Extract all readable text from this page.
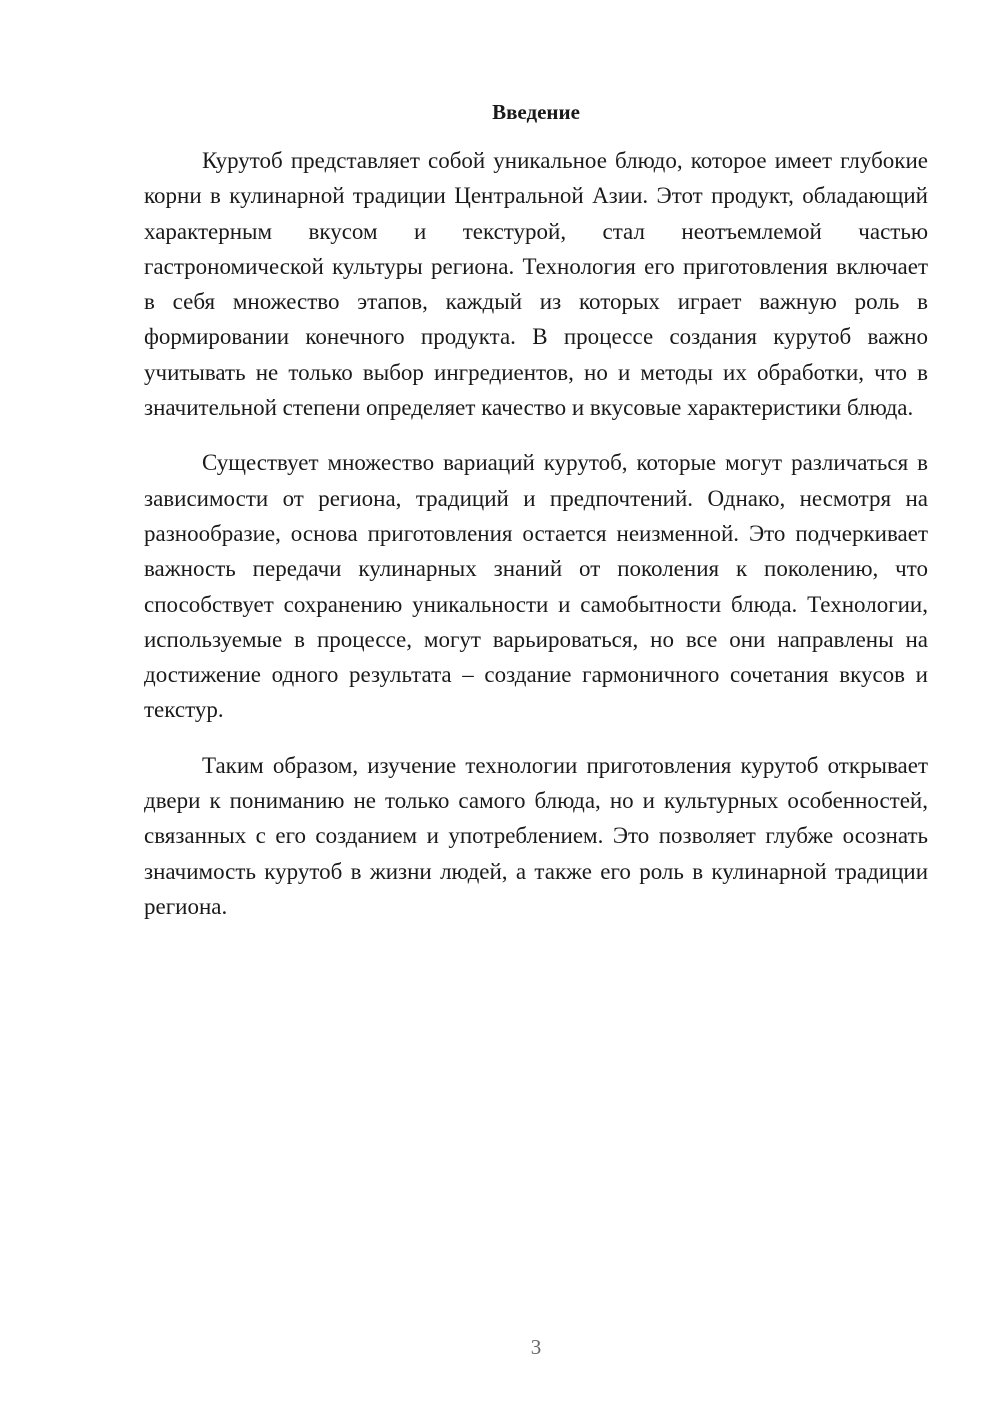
Введение

Курутоб представляет собой уникальное блюдо, которое имеет глубокие корни в кулинарной традиции Центральной Азии. Этот продукт, обладающий характерным вкусом и текстурой, стал неотъемлемой частью гастрономической культуры региона. Технология его приготовления включает в себя множество этапов, каждый из которых играет важную роль в формировании конечного продукта. В процессе создания курутоб важно учитывать не только выбор ингредиентов, но и методы их обработки, что в значительной степени определяет качество и вкусовые характеристики блюда.

Существует множество вариаций курутоб, которые могут различаться в зависимости от региона, традиций и предпочтений. Однако, несмотря на разнообразие, основа приготовления остается неизменной. Это подчеркивает важность передачи кулинарных знаний от поколения к поколению, что способствует сохранению уникальности и самобытности блюда. Технологии, используемые в процессе, могут варьироваться, но все они направлены на достижение одного результата – создание гармоничного сочетания вкусов и текстур.

Таким образом, изучение технологии приготовления курутоб открывает двери к пониманию не только самого блюда, но и культурных особенностей, связанных с его созданием и употреблением. Это позволяет глубже осознать значимость курутоб в жизни людей, а также его роль в кулинарной традиции региона.

3
